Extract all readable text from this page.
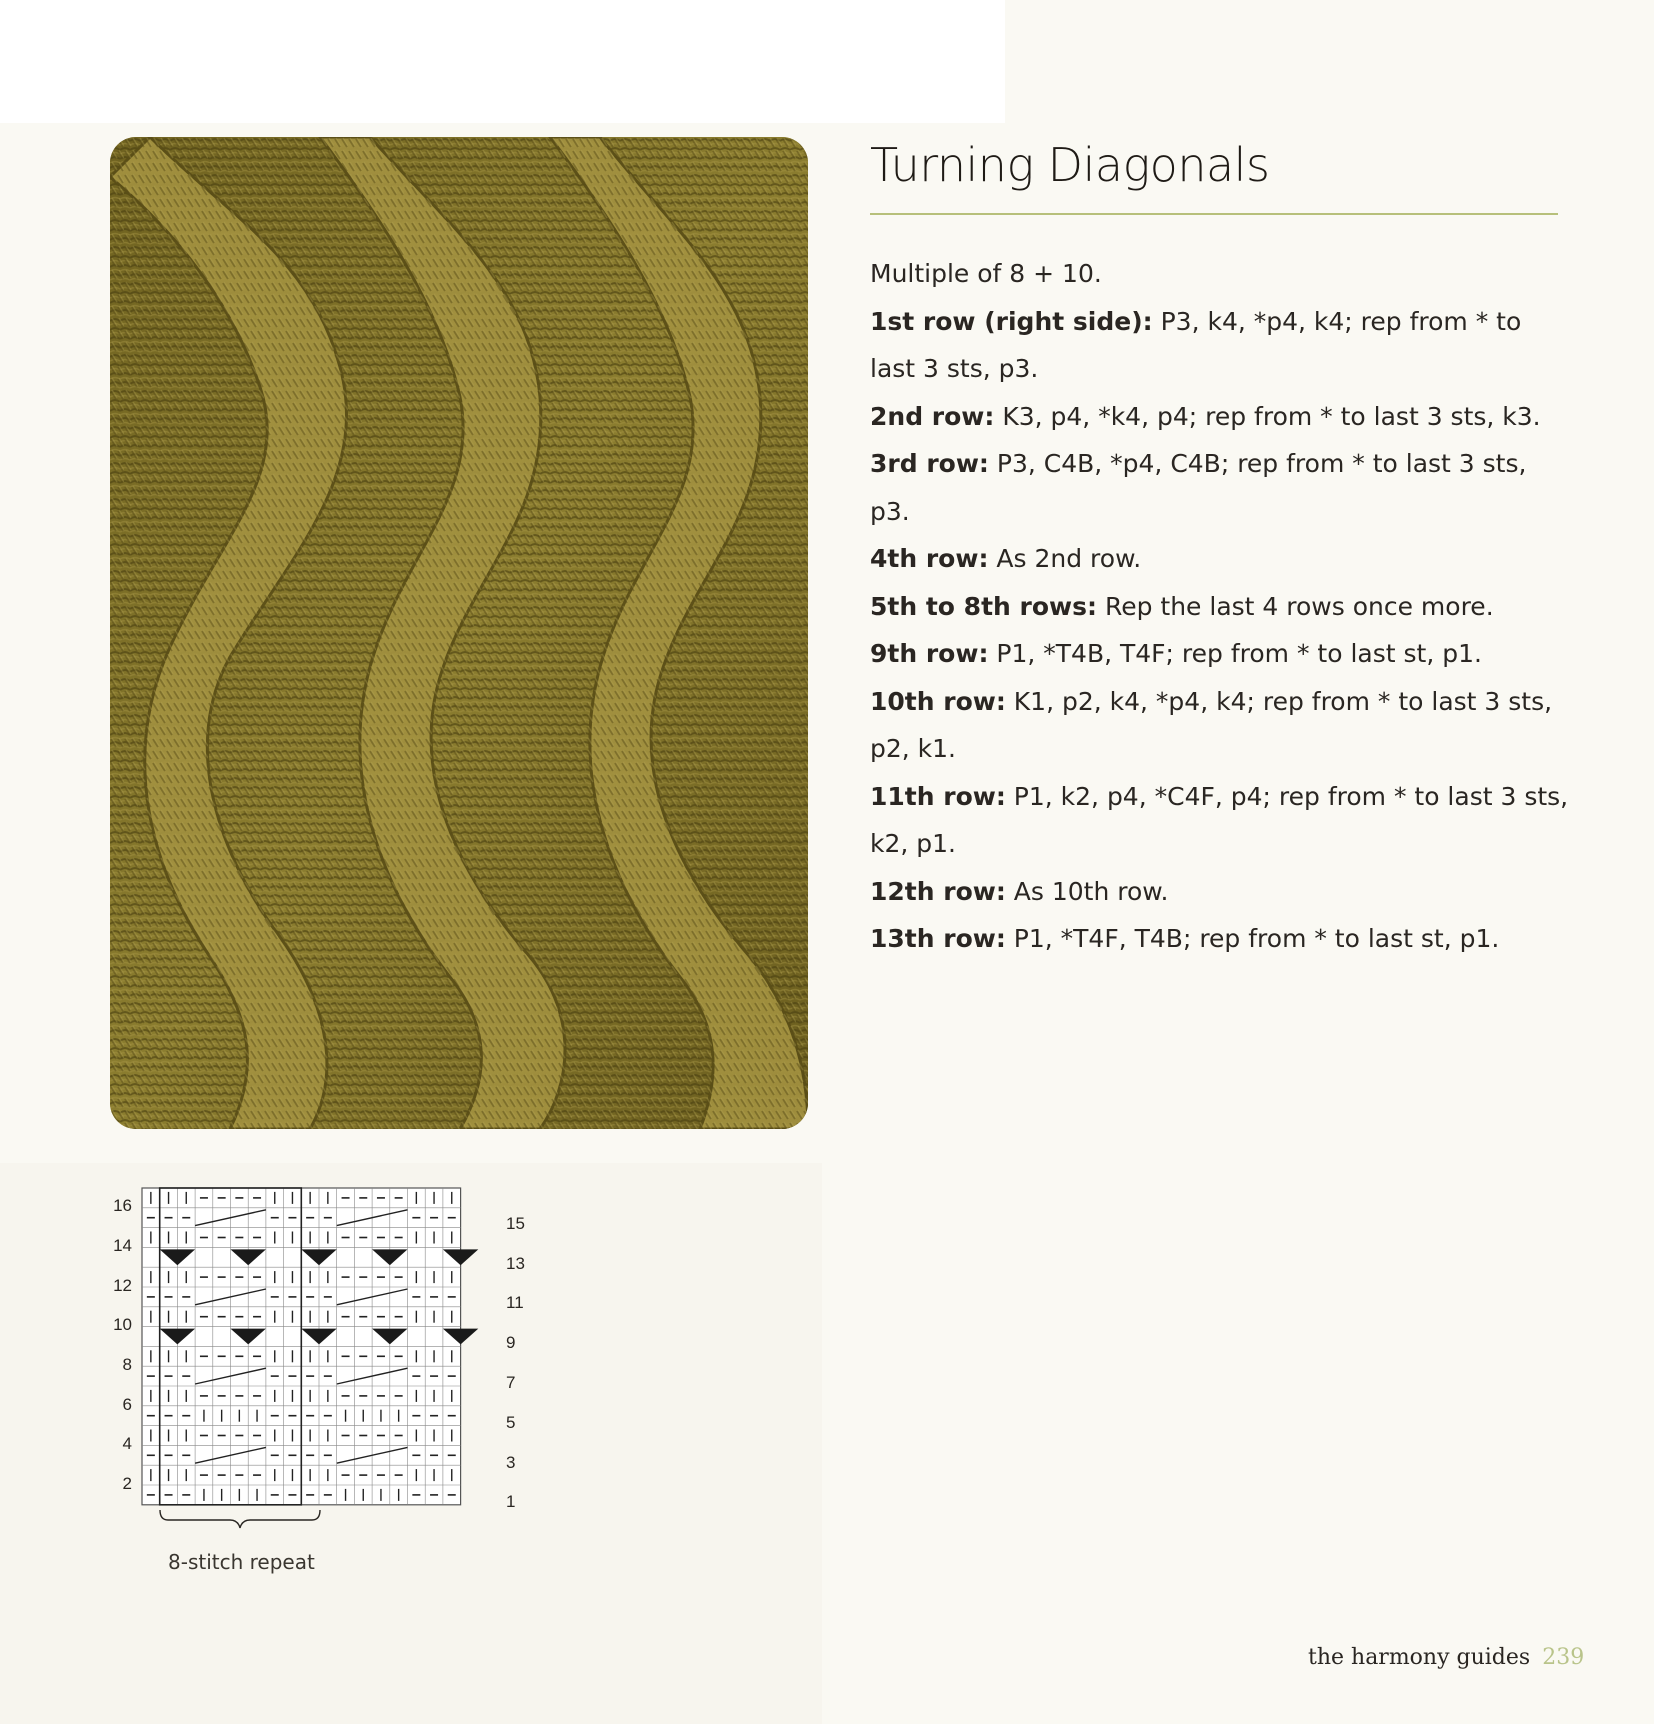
Turning Diagonals

Multiple of 8 + 10.

1st row (right side): P3, k4, *p4, k4; rep from * to last 3 sts, p3.

2nd row: K3, p4, *k4, p4; rep from * to last 3 sts, k3.

3rd row: P3, C4B, *p4, C4B; rep from * to last 3 sts, p3.

4th row: As 2nd row.

5th to 8th rows: Rep the last 4 rows once more.

9th row: P1, *T4B, T4F; rep from * to last st, p1.

10th row: K1, p2, k4, *p4, k4; rep from * to last 3 sts, p2, k1.

11th row: P1, k2, p4, *C4F, p4; rep from * to last 3 sts, k2, p1.

12th row: As 10th row.

13th row: P1, *T4F, T4B; rep from * to last st, p1.

16
14
12
10
8
6
4
2
15
13
11
9
7
5
3
1
8-stitch repeat
the harmony guides 239
